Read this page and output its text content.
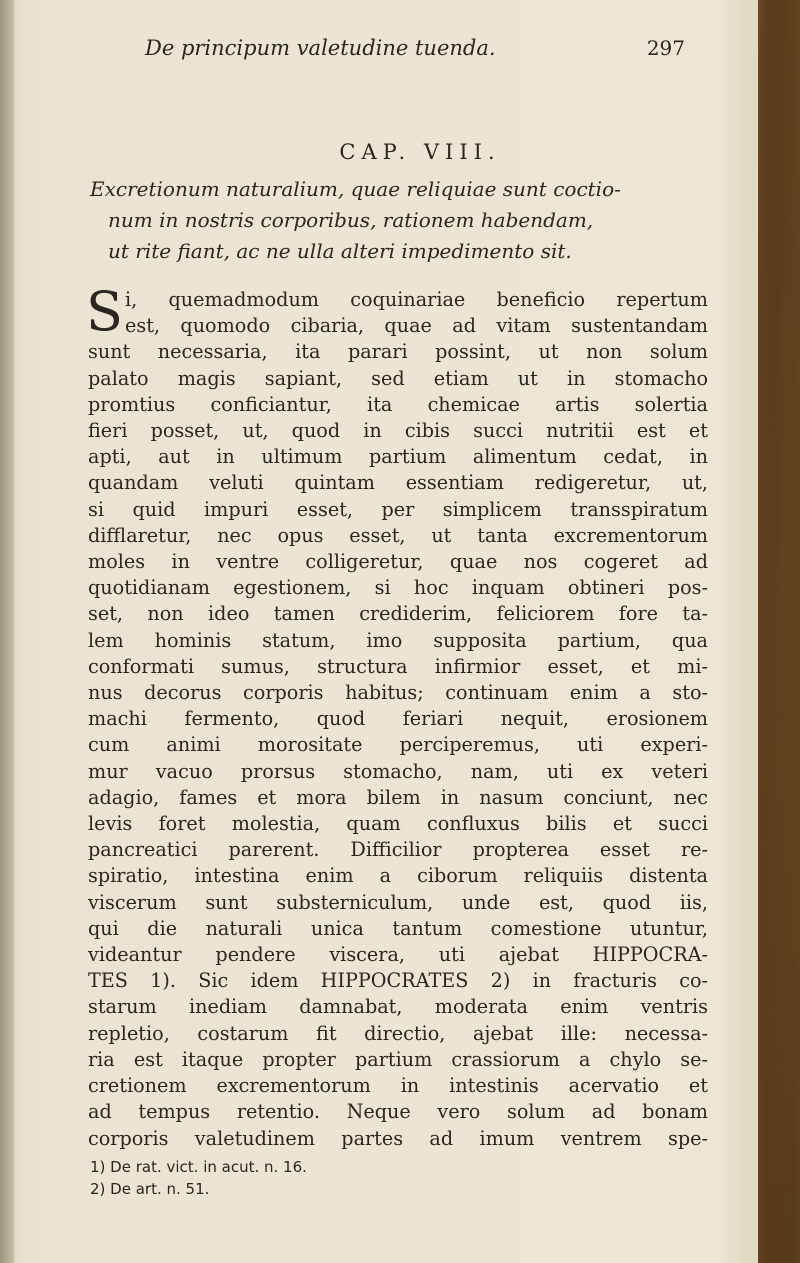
De principum valetudine tuenda.	297
CAP. VIII.
Excretionum naturalium, quae reliquiae sunt coctio-
num in nostris corporibus, rationem habendam,
ut rite fiant, ac ne ulla alteri impedimento sit.
S i, quemadmodum coquinariae beneficio repertum
est, quomodo cibaria, quae ad vitam sustentandam
sunt necessaria, ita parari possint, ut non solum
palato magis sapiant, sed etiam ut in stomacho
promtius conficiantur, ita chemicae artis solertia
fieri posset, ut, quod in cibis succi nutritii est et
apti, aut in ultimum partium alimentum cedat, in
quandam veluti quintam essentiam redigeretur, ut,
si quid impuri esset, per simplicem transspiratum
difflaretur, nec opus esset, ut tanta excrementorum
moles in ventre colligeretur, quae nos cogeret ad
quotidianam egestionem, si hoc inquam obtineri pos-
set, non ideo tamen crediderim, feliciorem fore ta-
lem hominis statum, imo supposita partium, qua
conformati sumus, structura infirmior esset, et mi-
nus decorus corporis habitus; continuam enim a sto-
machi fermento, quod feriari nequit, erosionem
cum animi morositate perciperemus, uti experi-
mur vacuo prorsus stomacho, nam, uti ex veteri
adagio, fames et mora bilem in nasum conciunt, nec
levis foret molestia, quam confluxus bilis et succi
pancreatici parerent. Difficilior propterea esset re-
spiratio, intestina enim a ciborum reliquiis distenta
viscerum sunt substerniculum, unde est, quod iis,
qui die naturali unica tantum comestione utuntur,
videantur pendere viscera, uti ajebat HIPPOCRA-
TES 1). Sic idem HIPPOCRATES 2) in fracturis co-
starum inediam damnabat, moderata enim ventris
repletio, costarum fit directio, ajebat ille: necessa-
ria est itaque propter partium crassiorum a chylo se-
cretionem excrementorum in intestinis acervatio et
ad tempus retentio. Neque vero solum ad bonam
corporis valetudinem partes ad imum ventrem spe-
1) De rat. vict. in acut. n. 16.
2) De art. n. 51.
